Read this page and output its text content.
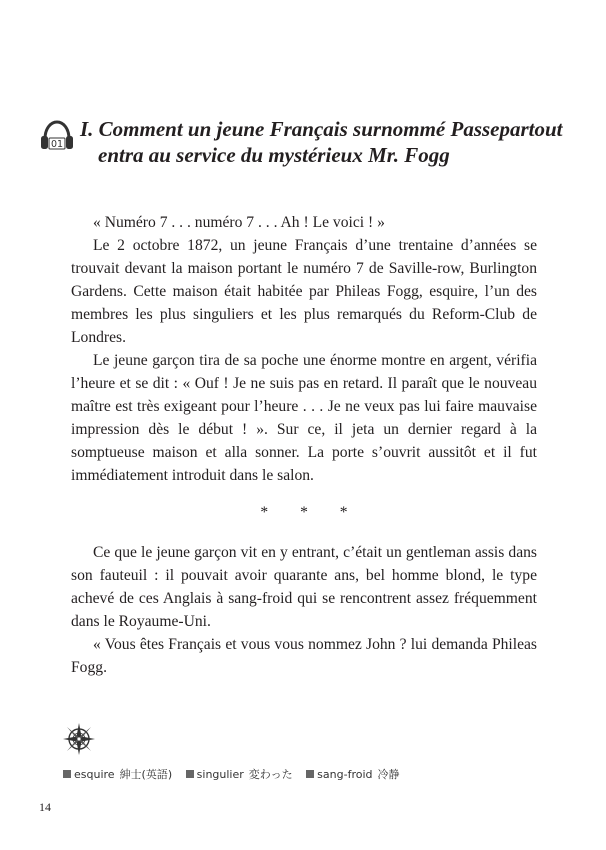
01
I. Comment un jeune Français surnommé Passepartout
entra au service du mystérieux Mr. Fogg

« Numéro 7 . . . numéro 7 . . . Ah ! Le voici ! »

Le 2 octobre 1872, un jeune Français d’une trentaine d’années se trouvait devant la maison portant le numéro 7 de Saville-row, Burlington Gardens. Cette maison était habitée par Phileas Fogg, esquire, l’un des membres les plus singuliers et les plus remarqués du Reform-Club de Londres.

Le jeune garçon tira de sa poche une énorme montre en argent, vérifia l’heure et se dit : « Ouf ! Je ne suis pas en retard. Il paraît que le nouveau maître est très exigeant pour l’heure . . . Je ne veux pas lui faire mauvaise impression dès le début ! ». Sur ce, il jeta un dernier regard à la somptueuse maison et alla sonner. La porte s’ouvrit aussitôt et il fut immédiatement introduit dans le salon.

* * *

Ce que le jeune garçon vit en y entrant, c’était un gentleman assis dans son fauteuil : il pouvait avoir quarante ans, bel homme blond, le type achevé de ces Anglais à sang-froid qui se rencontrent assez fréquemment dans le Royaume-Uni.

« Vous êtes Français et vous vous nommez John ? lui demanda Phileas Fogg.

esquire 紳士(英語) singulier 変わった sang-froid 冷静
14
